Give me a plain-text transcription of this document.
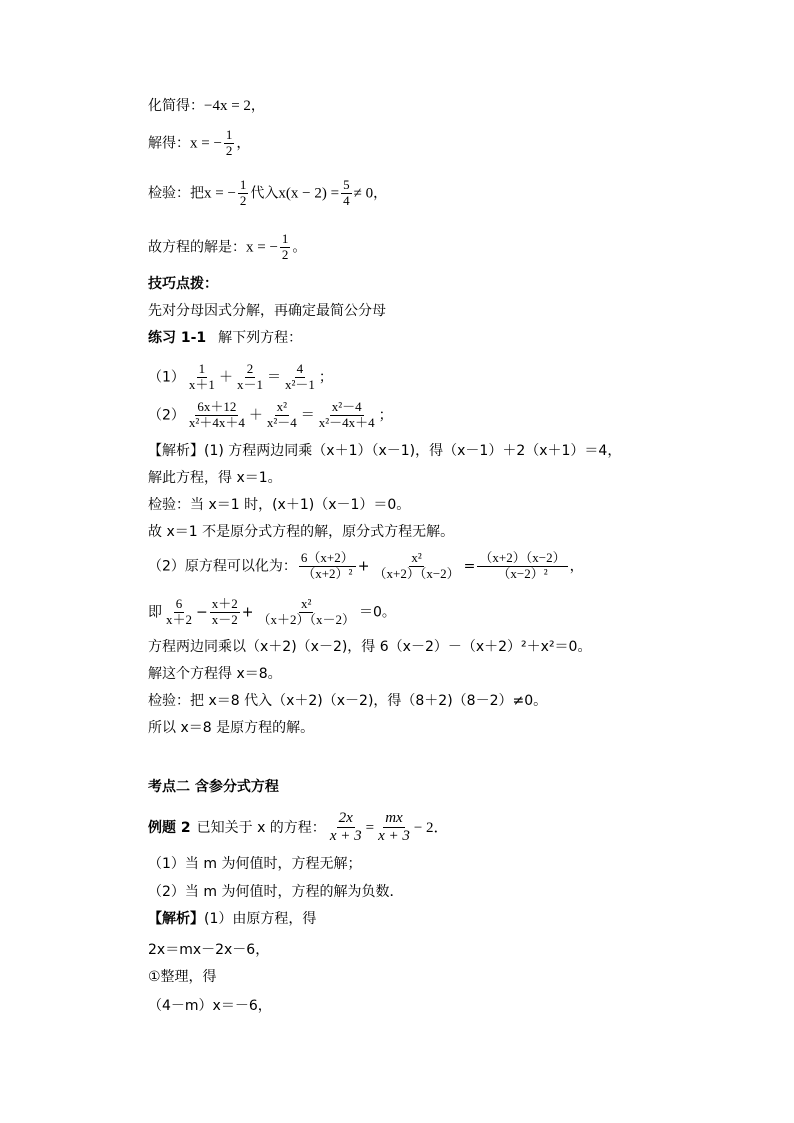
化简得：−4x = 2，
解得：x = − $\frac{1}{2}$ ，
检验：把x = − $\frac{1}{2}$ 代入$x(x - 2) = \frac{5}{4} \ne 0$，
故方程的解是：x = − $\frac{1}{2}$ 。
技巧点拨：
先对分母因式分解，再确定最简公分母
练习 1-1 解下列方程：
$(1) \frac{1}{x+1} + \frac{2}{x-1} = \frac{4}{\text{x²－1}}$ ；
$(2) \frac{6x+12}{\text{x²＋4x＋4}} + \frac{\text{x²}}{\text{x²－4}} = \frac{\text{x²－4}}{\text{x²－4x＋4}}$ ；
【解析】(1) 方程两边同乘（x＋1）（x－1)，得（x－1）＋2（x＋1）＝4，
解此方程，得 x＝1。
检验：当 x＝1 时，(x＋1)（x－1）＝0。
故 x＝1 不是原分式方程的解，原分式方程无解。
（2）原方程可以化为： $\frac{6(x+2)}{\text{（x+2）²}} + \frac{\text{x²}}{(x+2)(x-2)} = \frac{(x+2)(x-2)}{\text{（x−2）²}}$ ，
即 $\frac{6}{x+2} - \frac{x+2}{x-2} + \frac{\text{x²}}{(x+2)(x-2)} =0$。
方程两边同乘以（x＋2)（x－2)，得 6（x－2）－（x＋2）²＋x²＝0。
解这个方程得 x＝8。
检验：把 x＝8 代入（x＋2)（x－2)，得（8＋2)（8－2）≠0。
所以 x＝8 是原方程的解。
考点二 含参分式方程
例题 2 已知关于 x 的方程： $\frac{2x}{x + 3} = \frac{mx}{x + 3} - 2$．
（1）当 m 为何值时，方程无解；
（2）当 m 为何值时，方程的解为负数．
【解析】(1）由原方程，得
2x＝mx－2x－6，
①整理，得
（4－m）x＝－6，
